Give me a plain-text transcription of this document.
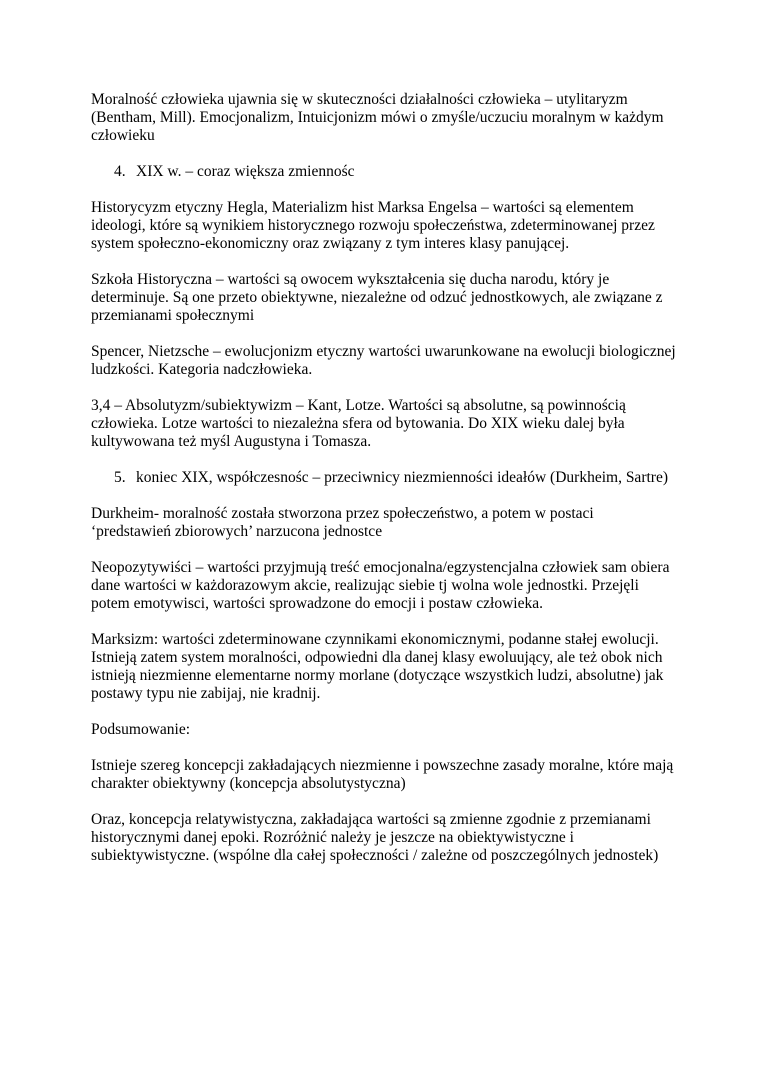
Moralność człowieka ujawnia się w skuteczności działalności człowieka – utylitaryzm (Bentham, Mill). Emocjonalizm, Intuicjonizm mówi o zmyśle/uczuciu moralnym w każdym człowieku

4. XIX w. – coraz większa zmiennośc

Historycyzm etyczny Hegla, Materializm hist Marksa Engelsa – wartości są elementem ideologi, które są wynikiem historycznego rozwoju społeczeństwa, zdeterminowanej przez system społeczno-ekonomiczny oraz związany z tym interes klasy panującej.

Szkoła Historyczna – wartości są owocem wykształcenia się ducha narodu, który je determinuje. Są one przeto obiektywne, niezależne od odzuć jednostkowych, ale związane z przemianami społecznymi

Spencer, Nietzsche – ewolucjonizm etyczny wartości uwarunkowane na ewolucji biologicznej ludzkości. Kategoria nadczłowieka.

3,4 – Absolutyzm/subiektywizm – Kant, Lotze. Wartości są absolutne, są powinnością człowieka. Lotze wartości to niezależna sfera od bytowania. Do XIX wieku dalej była kultywowana też myśl Augustyna i Tomasza.

5. koniec XIX, współczesnośc – przeciwnicy niezmienności ideałów (Durkheim, Sartre)

Durkheim- moralność została stworzona przez społeczeństwo, a potem w postaci ‘predstawień zbiorowych’ narzucona jednostce

Neopozytywiści – wartości przyjmują treść emocjonalna/egzystencjalna człowiek sam obiera dane wartości w każdorazowym akcie, realizując siebie tj wolna wole jednostki. Przejęli potem emotywisci, wartości sprowadzone do emocji i postaw człowieka.

Marksizm: wartości zdeterminowane czynnikami ekonomicznymi, podanne stałej ewolucji. Istnieją zatem system moralności, odpowiedni dla danej klasy ewoluujący, ale też obok nich istnieją niezmienne elementarne normy morlane (dotyczące wszystkich ludzi, absolutne) jak postawy typu nie zabijaj, nie kradnij.

Podsumowanie:

Istnieje szereg koncepcji zakładających niezmienne i powszechne zasady moralne, które mają charakter obiektywny (koncepcja absolutystyczna)

Oraz, koncepcja relatywistyczna, zakładająca wartości są zmienne zgodnie z przemianami historycznymi danej epoki. Rozróżnić należy je jeszcze na obiektywistyczne i subiektywistyczne. (wspólne dla całej społeczności / zależne od poszczególnych jednostek)
